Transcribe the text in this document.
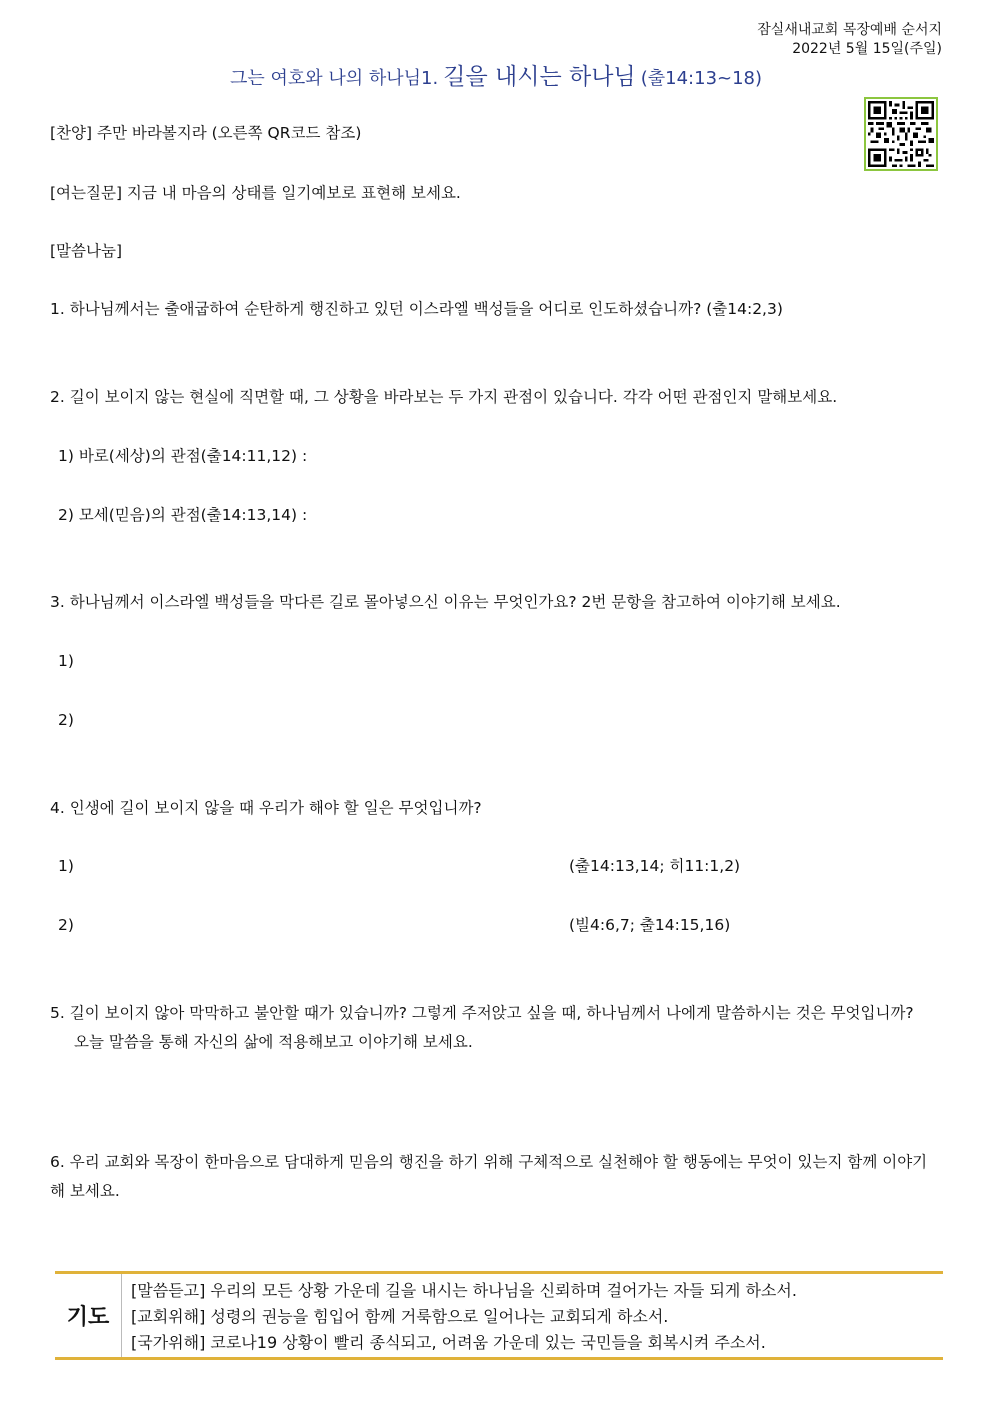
잠실새내교회 목장예배 순서지
2022년 5월 15일(주일)
그는 여호와 나의 하나님1. 길을 내시는 하나님 (출14:13~18)
[찬양] 주만 바라볼지라 (오른쪽 QR코드 참조)
[여는질문] 지금 내 마음의 상태를 일기예보로 표현해 보세요.
[말씀나눔]
1. 하나님께서는 출애굽하여 순탄하게 행진하고 있던 이스라엘 백성들을 어디로 인도하셨습니까? (출14:2,3)
2. 길이 보이지 않는 현실에 직면할 때, 그 상황을 바라보는 두 가지 관점이 있습니다. 각각 어떤 관점인지 말해보세요.
1) 바로(세상)의 관점(출14:11,12) :
2) 모세(믿음)의 관점(출14:13,14) :
3. 하나님께서 이스라엘 백성들을 막다른 길로 몰아넣으신 이유는 무엇인가요? 2번 문항을 참고하여 이야기해 보세요.
1)
2)
4. 인생에 길이 보이지 않을 때 우리가 해야 할 일은 무엇입니까?
1)	(출14:13,14; 히11:1,2)
2)	(빌4:6,7; 출14:15,16)
5. 길이 보이지 않아 막막하고 불안할 때가 있습니까? 그렇게 주저앉고 싶을 때, 하나님께서 나에게 말씀하시는 것은 무엇입니까?
오늘 말씀을 통해 자신의 삶에 적용해보고 이야기해 보세요.
6. 우리 교회와 목장이 한마음으로 담대하게 믿음의 행진을 하기 위해 구체적으로 실천해야 할 행동에는 무엇이 있는지 함께 이야기 해 보세요.
기도
[말씀듣고] 우리의 모든 상황 가운데 길을 내시는 하나님을 신뢰하며 걸어가는 자들 되게 하소서.
[교회위해] 성령의 권능을 힘입어 함께 거룩함으로 일어나는 교회되게 하소서.
[국가위해] 코로나19 상황이 빨리 종식되고, 어려움 가운데 있는 국민들을 회복시켜 주소서.
